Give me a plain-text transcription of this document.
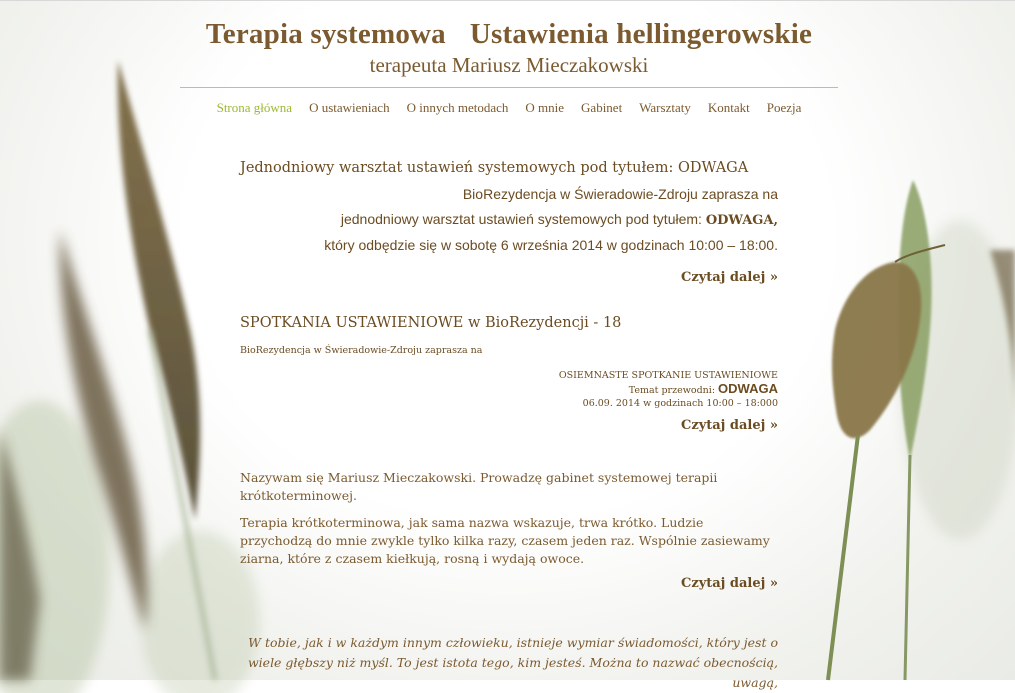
Terapia systemowa Ustawienia hellingerowskie
terapeuta Mariusz Mieczakowski
Strona główna O ustawieniach O innych metodach O mnie Gabinet Warsztaty Kontakt Poezja
Jednodniowy warsztat ustawień systemowych pod tytułem: ODWAGA
BioRezydencja w Świeradowie-Zdroju zaprasza na
jednodniowy warsztat ustawień systemowych pod tytułem: ODWAGA,
który odbędzie się w sobotę 6 września 2014 w godzinach 10:00 – 18:00.
Czytaj dalej »
SPOTKANIA USTAWIENIOWE w BioRezydencji - 18
BioRezydencja w Świeradowie-Zdroju zaprasza na
OSIEMNASTE SPOTKANIE USTAWIENIOWE
Temat przewodni: ODWAGA
06.09. 2014 w godzinach 10:00 – 18:000
Czytaj dalej »

Nazywam się Mariusz Mieczakowski. Prowadzę gabinet systemowej terapii krótkoterminowej.

Terapia krótkoterminowa, jak sama nazwa wskazuje, trwa krótko. Ludzie przychodzą do mnie zwykle tylko kilka razy, czasem jeden raz. Wspólnie zasiewamy ziarna, które z czasem kiełkują, rosną i wydają owoce.

Czytaj dalej »

W tobie, jak i w każdym innym człowieku, istnieje wymiar świadomości, który jest o wiele głębszy niż myśl. To jest istota tego, kim jesteś. Można to nazwać obecnością, uwagą,
